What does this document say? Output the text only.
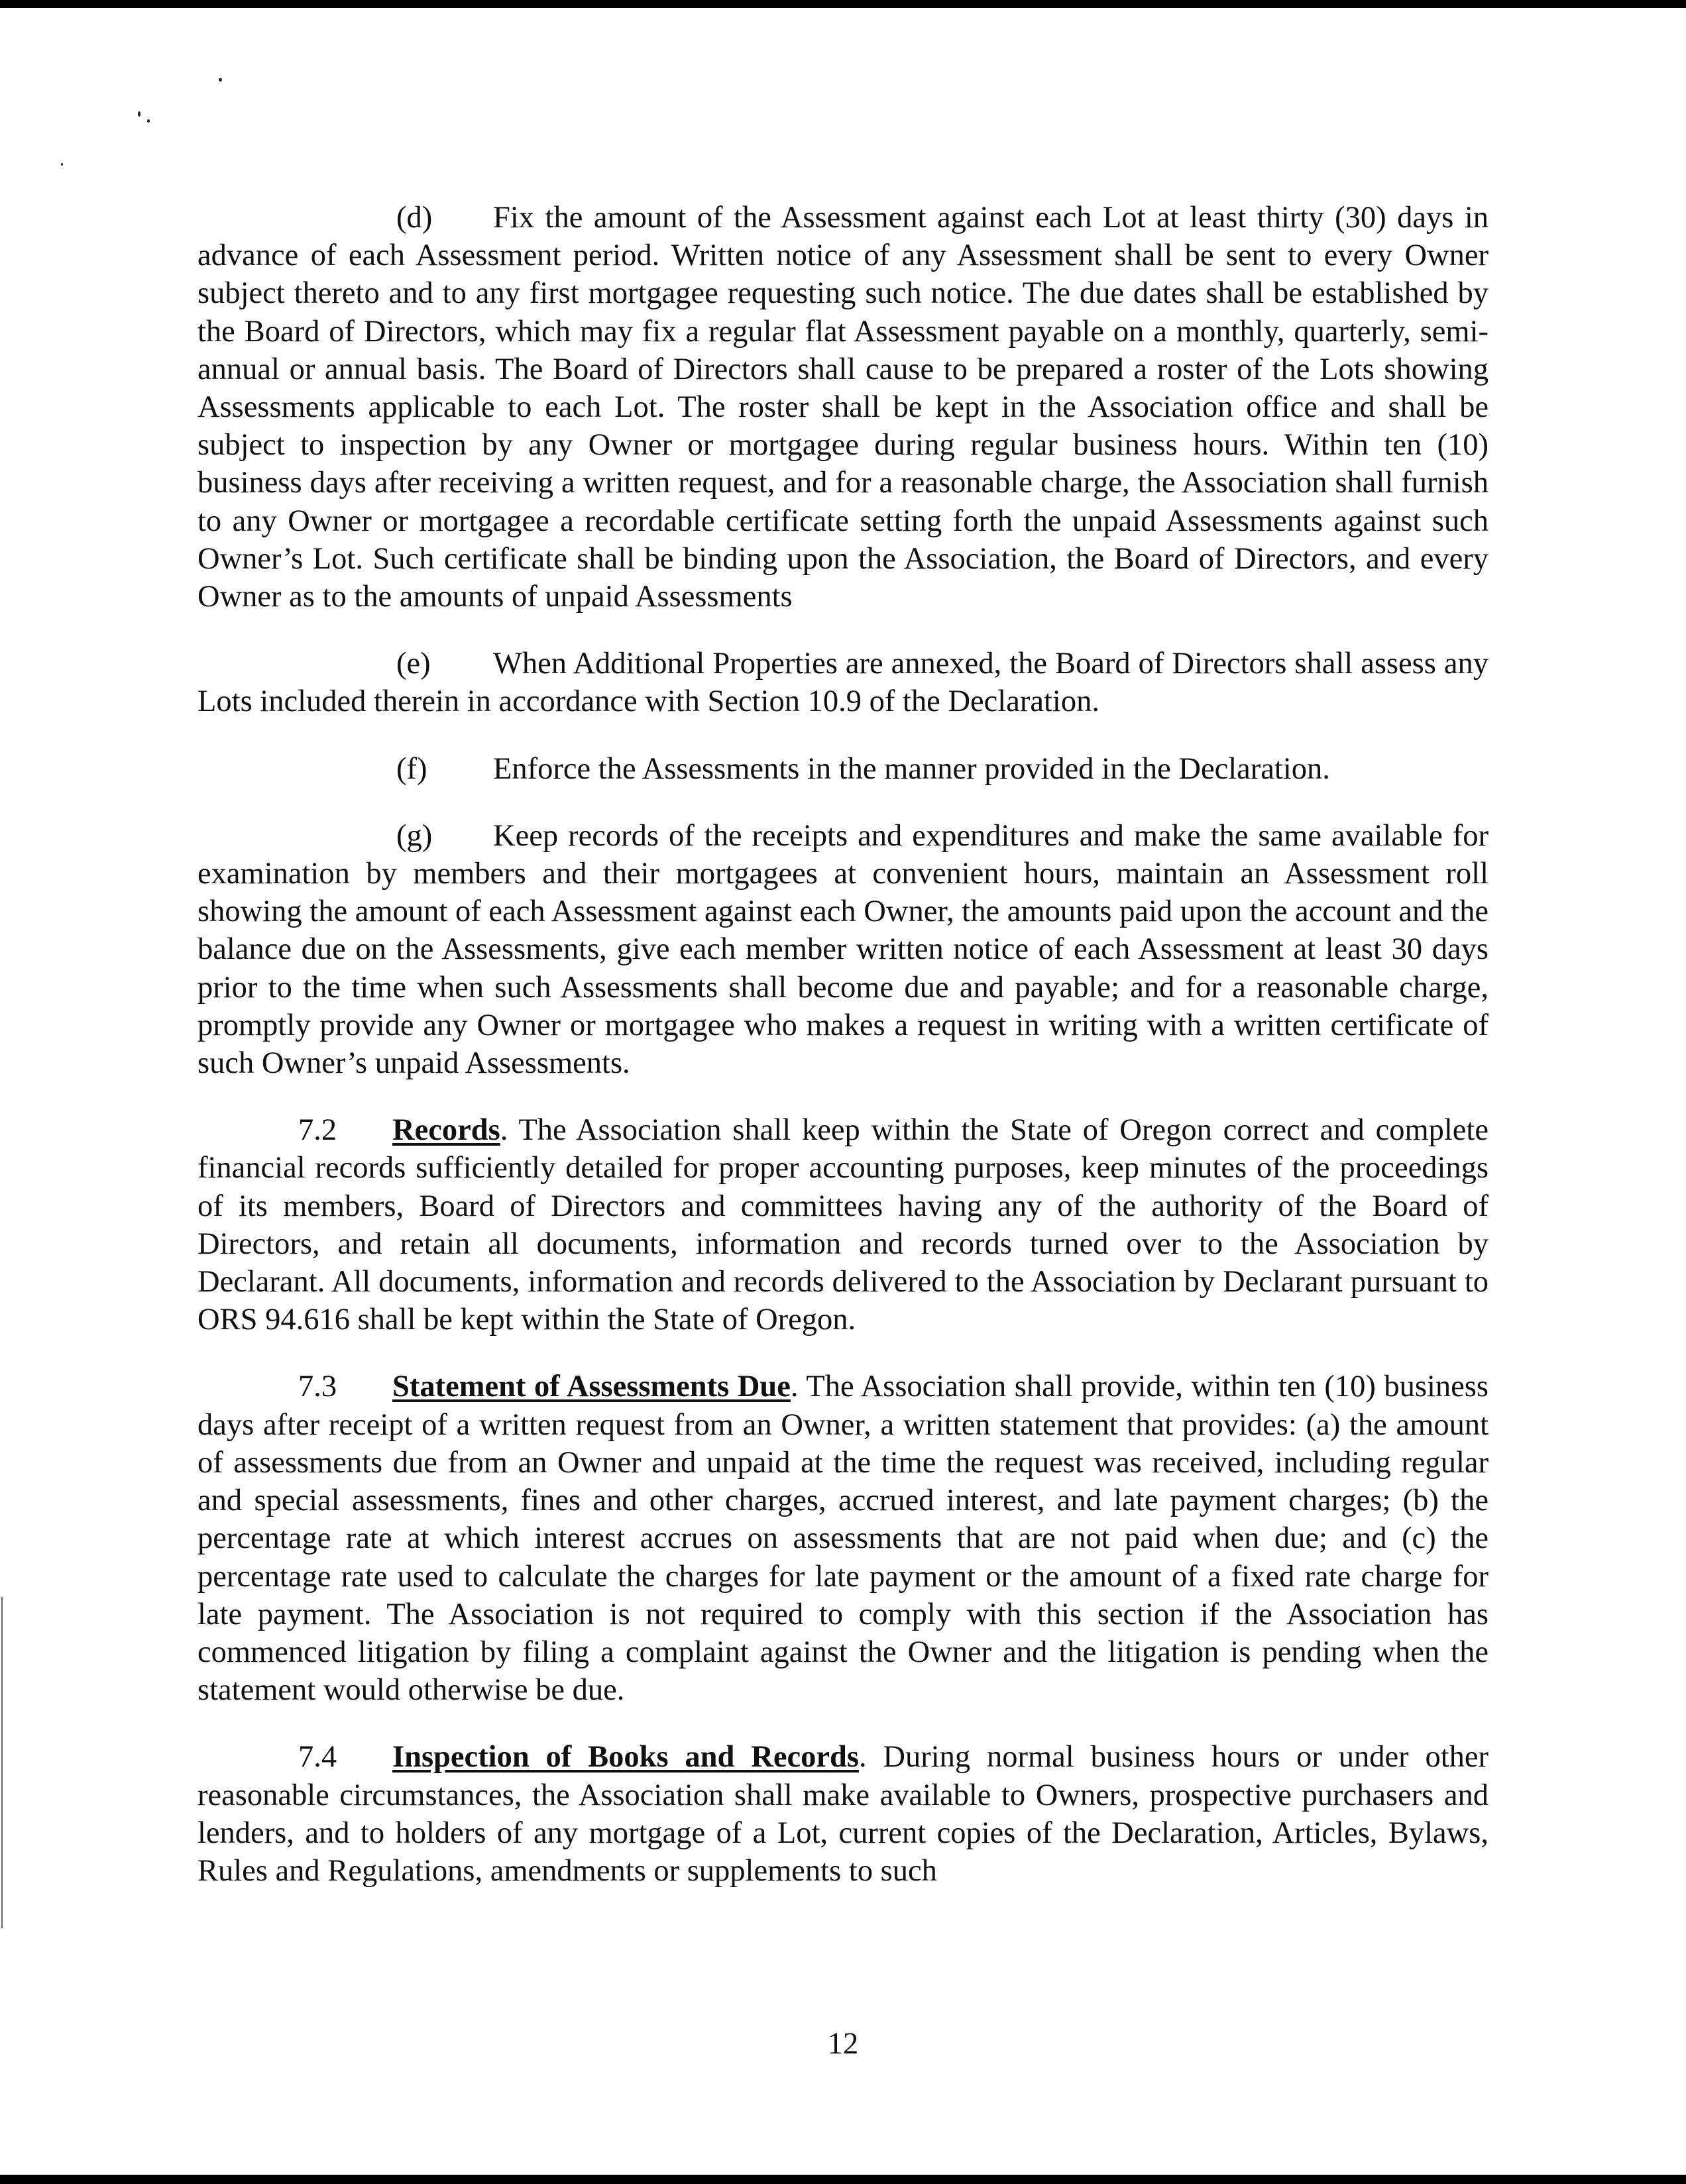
(d) Fix the amount of the Assessment against each Lot at least thirty (30) days in advance of each Assessment period. Written notice of any Assessment shall be sent to every Owner subject thereto and to any first mortgagee requesting such notice. The due dates shall be established by the Board of Directors, which may fix a regular flat Assessment payable on a monthly, quarterly, semi-annual or annual basis. The Board of Directors shall cause to be prepared a roster of the Lots showing Assessments applicable to each Lot. The roster shall be kept in the Association office and shall be subject to inspection by any Owner or mortgagee during regular business hours. Within ten (10) business days after receiving a written request, and for a reasonable charge, the Association shall furnish to any Owner or mortgagee a recordable certificate setting forth the unpaid Assessments against such Owner’s Lot. Such certificate shall be binding upon the Association, the Board of Directors, and every Owner as to the amounts of unpaid Assessments

(e) When Additional Properties are annexed, the Board of Directors shall assess any Lots included therein in accordance with Section 10.9 of the Declaration.

(f) Enforce the Assessments in the manner provided in the Declaration.

(g) Keep records of the receipts and expenditures and make the same available for examination by members and their mortgagees at convenient hours, maintain an Assessment roll showing the amount of each Assessment against each Owner, the amounts paid upon the account and the balance due on the Assessments, give each member written notice of each Assessment at least 30 days prior to the time when such Assessments shall become due and payable; and for a reasonable charge, promptly provide any Owner or mortgagee who makes a request in writing with a written certificate of such Owner’s unpaid Assessments.

7.2 Records. The Association shall keep within the State of Oregon correct and complete financial records sufficiently detailed for proper accounting purposes, keep minutes of the proceedings of its members, Board of Directors and committees having any of the authority of the Board of Directors, and retain all documents, information and records turned over to the Association by Declarant. All documents, information and records delivered to the Association by Declarant pursuant to ORS 94.616 shall be kept within the State of Oregon.

7.3 Statement of Assessments Due. The Association shall provide, within ten (10) business days after receipt of a written request from an Owner, a written statement that provides: (a) the amount of assessments due from an Owner and unpaid at the time the request was received, including regular and special assessments, fines and other charges, accrued interest, and late payment charges; (b) the percentage rate at which interest accrues on assessments that are not paid when due; and (c) the percentage rate used to calculate the charges for late payment or the amount of a fixed rate charge for late payment. The Association is not required to comply with this section if the Association has commenced litigation by filing a complaint against the Owner and the litigation is pending when the statement would otherwise be due.

7.4 Inspection of Books and Records. During normal business hours or under other reasonable circumstances, the Association shall make available to Owners, prospective purchasers and lenders, and to holders of any mortgage of a Lot, current copies of the Declaration, Articles, Bylaws, Rules and Regulations, amendments or supplements to such

12
